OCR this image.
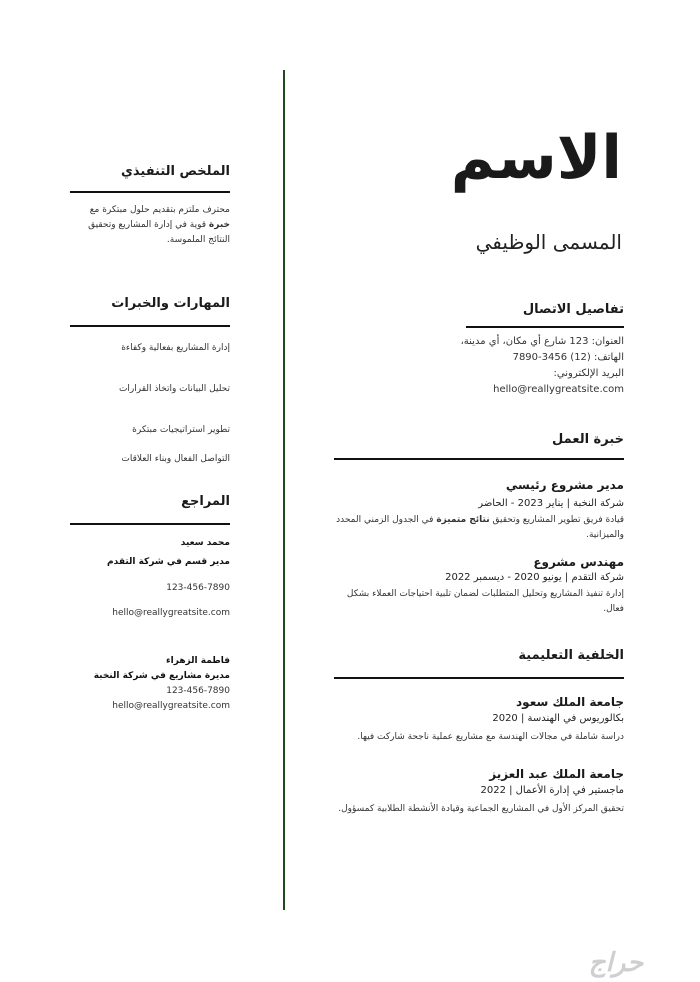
الاسم

المسمى الوظيفي

تفاصيل الاتصال

العنوان: 123 شارع أي مكان، أي مدينة،

الهاتف: (12) 3456-7890

البريد الإلكتروني:

hello@reallygreatsite.com

خبرة العمل

مدير مشروع رئيسي

شركة النخبة | يناير 2023 - الحاضر

قيادة فريق تطوير المشاريع وتحقيق نتائج متميزة في الجدول الزمني المحدد والميزانية.

مهندس مشروع

شركة التقدم | يونيو 2020 - ديسمبر 2022

إدارة تنفيذ المشاريع وتحليل المتطلبات لضمان تلبية احتياجات العملاء بشكل فعال.

الخلفية التعليمية

جامعة الملك سعود

بكالوريوس في الهندسة | 2020

دراسة شاملة في مجالات الهندسة مع مشاريع عملية ناجحة شاركت فيها.

جامعة الملك عبد العزيز

ماجستير في إدارة الأعمال | 2022

تحقيق المركز الأول في المشاريع الجماعية وقيادة الأنشطة الطلابية كمسؤول.

الملخص التنفيذي

محترف ملتزم بتقديم حلول مبتكرة مع خبرة قوية في إدارة المشاريع وتحقيق النتائج الملموسة.

المهارات والخبرات

إدارة المشاريع بفعالية وكفاءة

تحليل البيانات واتخاذ القرارات

تطوير استراتيجيات مبتكرة

التواصل الفعال وبناء العلاقات

المراجع

محمد سعيد

مدير قسم في شركة التقدم

123-456-7890

hello@reallygreatsite.com

فاطمة الزهراء

مديرة مشاريع في شركة النخبة

123-456-7890

hello@reallygreatsite.com

حراج
